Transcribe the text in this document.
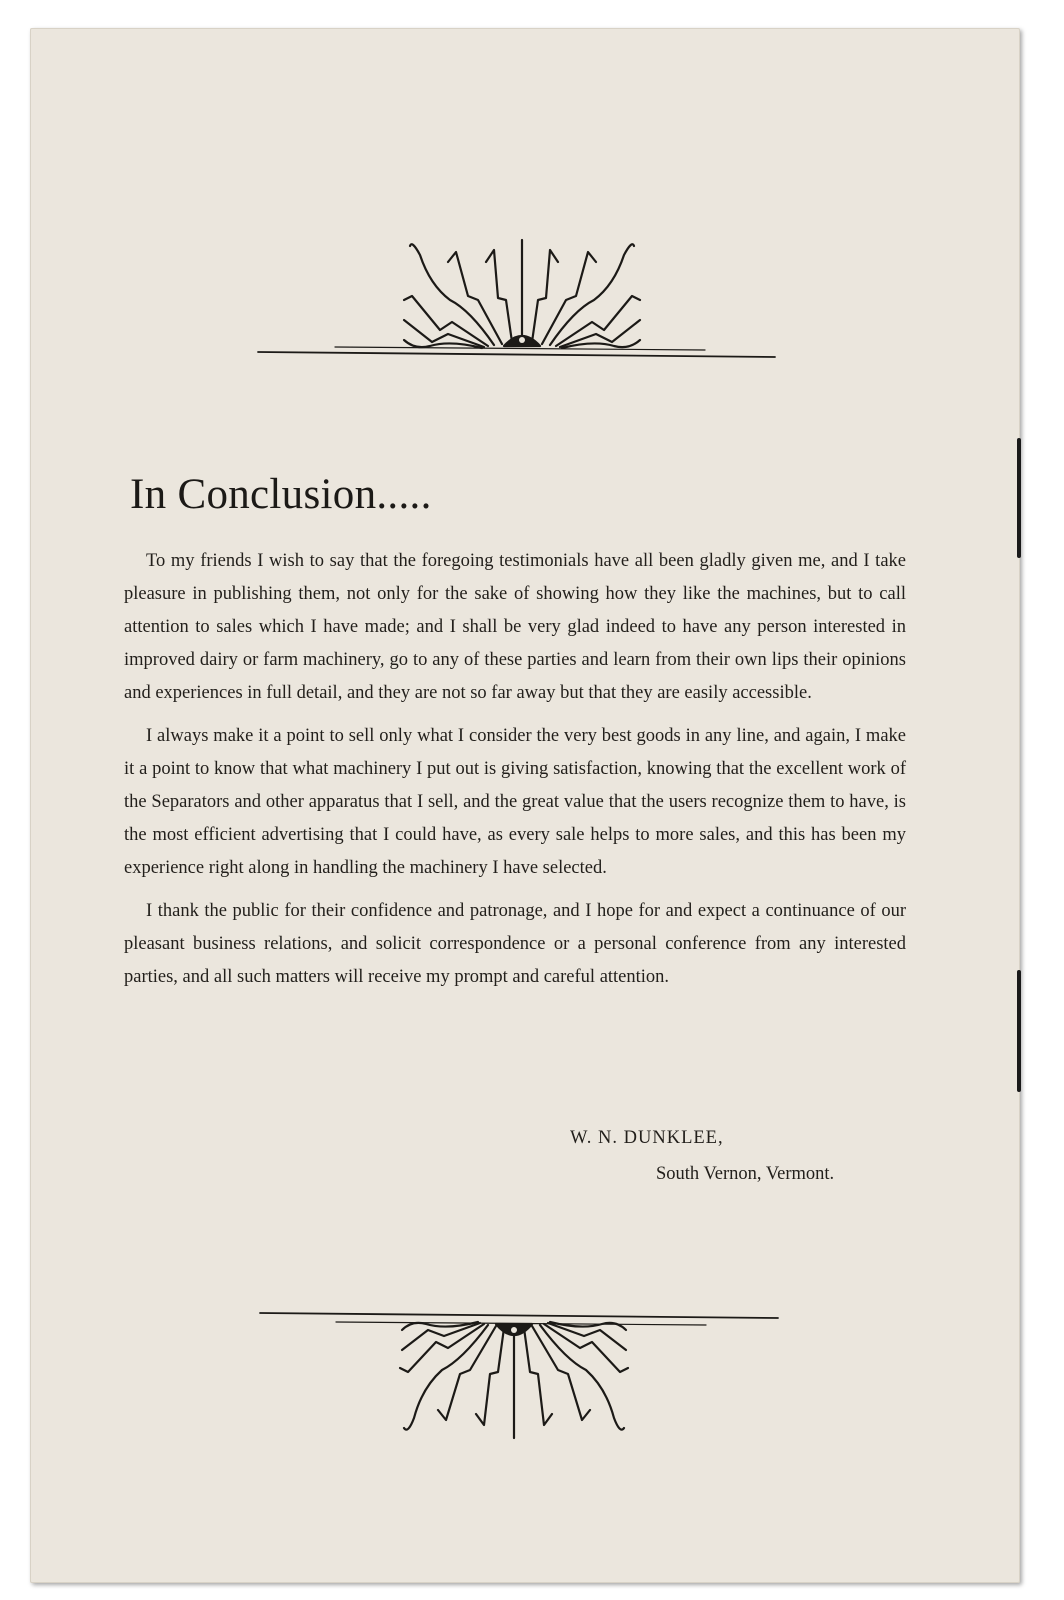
In Conclusion.....

To my friends I wish to say that the foregoing testimonials have all been gladly given me, and I take pleasure in publishing them, not only for the sake of showing how they like the machines, but to call attention to sales which I have made; and I shall be very glad indeed to have any person interested in improved dairy or farm machinery, go to any of these parties and learn from their own lips their opinions and experiences in full detail, and they are not so far away but that they are easily accessible.

I always make it a point to sell only what I consider the very best goods in any line, and again, I make it a point to know that what machinery I put out is giving satisfaction, knowing that the excellent work of the Separators and other apparatus that I sell, and the great value that the users recognize them to have, is the most efficient advertising that I could have, as every sale helps to more sales, and this has been my experience right along in handling the machinery I have selected.

I thank the public for their confidence and patronage, and I hope for and expect a continuance of our pleasant business relations, and solicit correspondence or a personal conference from any interested parties, and all such matters will receive my prompt and careful attention.

W. N. DUNKLEE,
South Vernon, Vermont.
